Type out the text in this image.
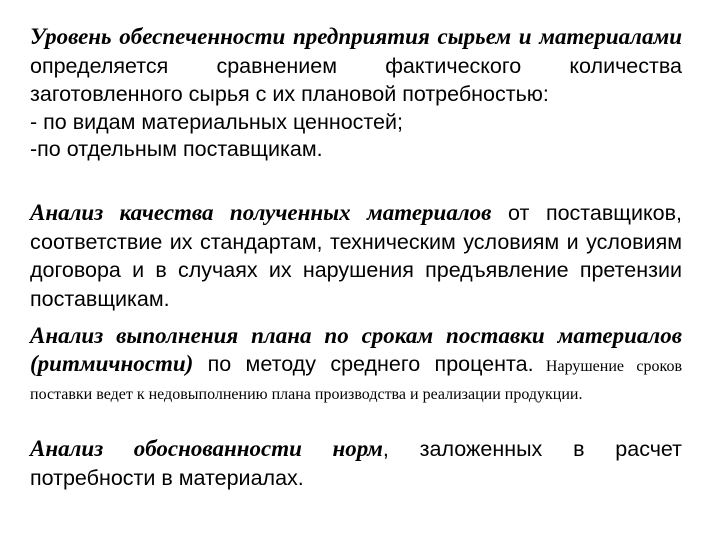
Уровень обеспеченности предприятия сырьем и материалами определяется сравнением фактического количества заготовленного сырья с их плановой потребностью:
- по видам материальных ценностей;
-по отдельным поставщикам.

Анализ качества полученных материалов от поставщиков, соответствие их стандартам, техническим условиям и условиям договора и в случаях их нарушения предъявление претензии поставщикам.

Анализ выполнения плана по срокам поставки материалов (ритмичности) по методу среднего процента. Нарушение сроков поставки ведет к недовыполнению плана производства и реализации продукции.

Анализ обоснованности норм, заложенных в расчет потребности в материалах.
